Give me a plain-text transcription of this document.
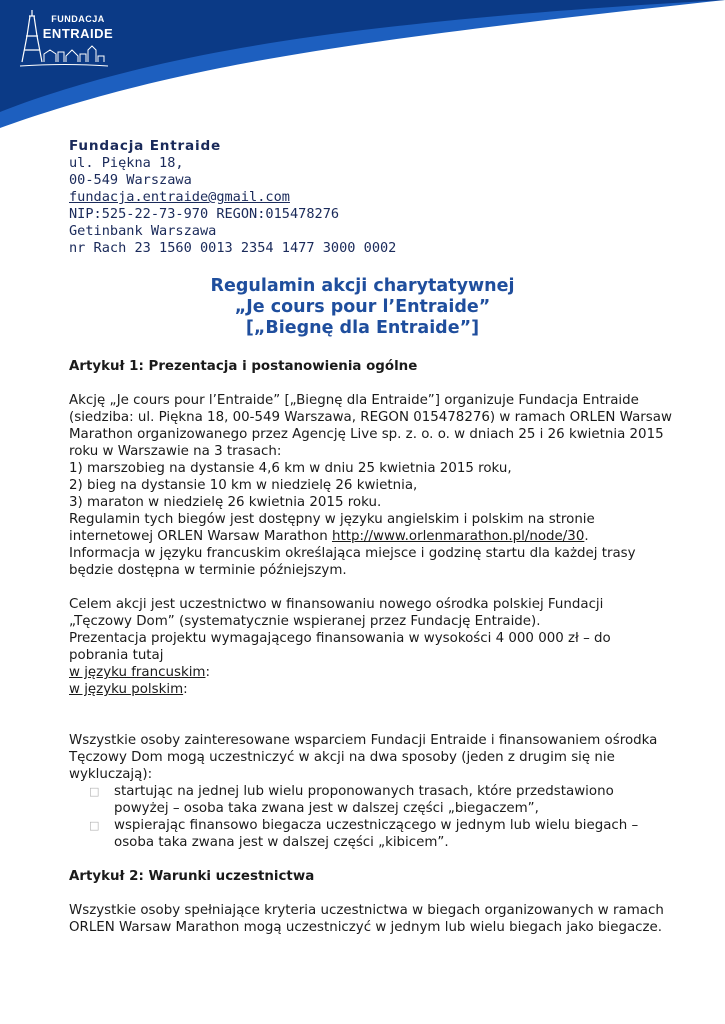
FUNDACJA
ENTRAIDE
Fundacja Entraide
ul. Piękna 18,
00-549 Warszawa
fundacja.entraide@gmail.com
NIP:525-22-73-970 REGON:015478276
Getinbank Warszawa
nr Rach 23 1560 0013 2354 1477 3000 0002
Regulamin akcji charytatywnej
„Je cours pour l’Entraide”
[„Biegnę dla Entraide”]
Artykuł 1: Prezentacja i postanowienia ogólne
Akcję „Je cours pour l’Entraide” [„Biegnę dla Entraide”] organizuje Fundacja Entraide
(siedziba: ul. Piękna 18, 00-549 Warszawa, REGON 015478276) w ramach ORLEN Warsaw
Marathon organizowanego przez Agencję Live sp. z. o. o. w dniach 25 i 26 kwietnia 2015
roku w Warszawie na 3 trasach:
1) marszobieg na dystansie 4,6 km w dniu 25 kwietnia 2015 roku,
2) bieg na dystansie 10 km w niedzielę 26 kwietnia,
3) maraton w niedzielę 26 kwietnia 2015 roku.
Regulamin tych biegów jest dostępny w języku angielskim i polskim na stronie
internetowej ORLEN Warsaw Marathon http://www.orlenmarathon.pl/node/30.
Informacja w języku francuskim określająca miejsce i godzinę startu dla każdej trasy
będzie dostępna w terminie późniejszym.
Celem akcji jest uczestnictwo w finansowaniu nowego ośrodka polskiej Fundacji
„Tęczowy Dom” (systematycznie wspieranej przez Fundację Entraide).
Prezentacja projektu wymagającego finansowania w wysokości 4 000 000 zł – do
pobrania tutaj
w języku francuskim:
w języku polskim:
Wszystkie osoby zainteresowane wsparciem Fundacji Entraide i finansowaniem ośrodka
Tęczowy Dom mogą uczestniczyć w akcji na dwa sposoby (jeden z drugim się nie
wykluczają):
□ startując na jednej lub wielu proponowanych trasach, które przedstawiono
powyżej – osoba taka zwana jest w dalszej części „biegaczem”,
□ wspierając finansowo biegacza uczestniczącego w jednym lub wielu biegach –
osoba taka zwana jest w dalszej części „kibicem”.
Artykuł 2: Warunki uczestnictwa
Wszystkie osoby spełniające kryteria uczestnictwa w biegach organizowanych w ramach
ORLEN Warsaw Marathon mogą uczestniczyć w jednym lub wielu biegach jako biegacze.
